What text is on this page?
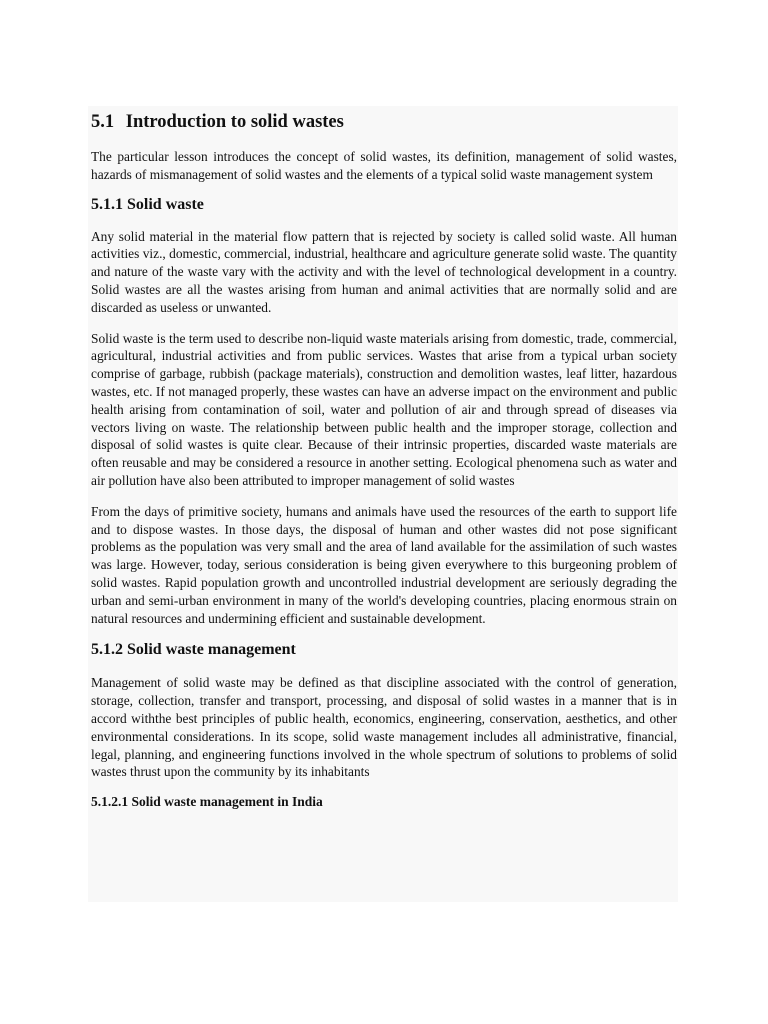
5.1 Introduction to solid wastes

The particular lesson introduces the concept of solid wastes, its definition, management of solid wastes, hazards of mismanagement of solid wastes and the elements of a typical solid waste management system

5.1.1 Solid waste

Any solid material in the material flow pattern that is rejected by society is called solid waste. All human activities viz., domestic, commercial, industrial, healthcare and agriculture generate solid waste. The quantity and nature of the waste vary with the activity and with the level of technological development in a country. Solid wastes are all the wastes arising from human and animal activities that are normally solid and are discarded as useless or unwanted.

Solid waste is the term used to describe non-liquid waste materials arising from domestic, trade, commercial, agricultural, industrial activities and from public services. Wastes that arise from a typical urban society comprise of garbage, rubbish (package materials), construction and demolition wastes, leaf litter, hazardous wastes, etc. If not managed properly, these wastes can have an adverse impact on the environment and public health arising from contamination of soil, water and pollution of air and through spread of diseases via vectors living on waste. The relationship between public health and the improper storage, collection and disposal of solid wastes is quite clear. Because of their intrinsic properties, discarded waste materials are often reusable and may be considered a resource in another setting. Ecological phenomena such as water and air pollution have also been attributed to improper management of solid wastes

From the days of primitive society, humans and animals have used the resources of the earth to support life and to dispose wastes. In those days, the disposal of human and other wastes did not pose significant problems as the population was very small and the area of land available for the assimilation of such wastes was large. However, today, serious consideration is being given everywhere to this burgeoning problem of solid wastes. Rapid population growth and uncontrolled industrial development are seriously degrading the urban and semi-urban environment in many of the world's developing countries, placing enormous strain on natural resources and undermining efficient and sustainable development.

5.1.2 Solid waste management

Management of solid waste may be defined as that discipline associated with the control of generation, storage, collection, transfer and transport, processing, and disposal of solid wastes in a manner that is in accord withthe best principles of public health, economics, engineering, conservation, aesthetics, and other environmental considerations. In its scope, solid waste management includes all administrative, financial, legal, planning, and engineering functions involved in the whole spectrum of solutions to problems of solid wastes thrust upon the community by its inhabitants

5.1.2.1 Solid waste management in India
